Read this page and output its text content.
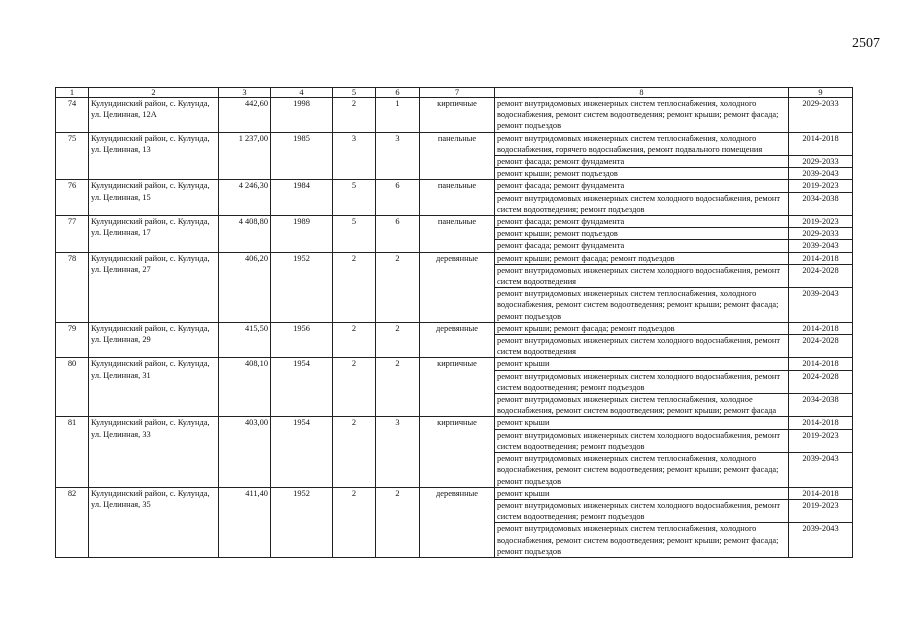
2507
1	2	3	4	5	6	7	8	9
74	Кулундинский район, с. Кулунда, ул. Целинная, 12А	442,60	1998	2	1	кирпичные	ремонт внутридомовых инженерных систем теплоснабжения, холодного водоснабжения, ремонт систем водоотведения; ремонт крыши; ремонт фасада; ремонт подъездов	2029-2033
75	Кулундинский район, с. Кулунда, ул. Целинная, 13	1 237,00	1985	3	3	панельные	ремонт внутридомовых инженерных систем теплоснабжения, холодного водоснабжения, горячего водоснабжения, ремонт подвального помещения	2014-2018
							ремонт фасада; ремонт фундамента	2029-2033
							ремонт крыши; ремонт подъездов	2039-2043
76	Кулундинский район, с. Кулунда, ул. Целинная, 15	4 246,30	1984	5	6	панельные	ремонт фасада; ремонт фундамента	2019-2023
							ремонт внутридомовых инженерных систем холодного водоснабжения, ремонт систем водоотведения; ремонт подъездов	2034-2038
77	Кулундинский район, с. Кулунда, ул. Целинная, 17	4 408,80	1989	5	6	панельные	ремонт фасада; ремонт фундамента	2019-2023
							ремонт крыши; ремонт подъездов	2029-2033
							ремонт фасада; ремонт фундамента	2039-2043
78	Кулундинский район, с. Кулунда, ул. Целинная, 27	406,20	1952	2	2	деревянные	ремонт крыши; ремонт фасада; ремонт подъездов	2014-2018
							ремонт внутридомовых инженерных систем холодного водоснабжения, ремонт систем водоотведения	2024-2028
							ремонт внутридомовых инженерных систем теплоснабжения, холодного водоснабжения, ремонт систем водоотведения; ремонт крыши; ремонт фасада; ремонт подъездов	2039-2043
79	Кулундинский район, с. Кулунда, ул. Целинная, 29	415,50	1956	2	2	деревянные	ремонт крыши; ремонт фасада; ремонт подъездов	2014-2018
							ремонт внутридомовых инженерных систем холодного водоснабжения, ремонт систем водоотведения	2024-2028
80	Кулундинский район, с. Кулунда, ул. Целинная, 31	408,10	1954	2	2	кирпичные	ремонт крыши	2014-2018
							ремонт внутридомовых инженерных систем холодного водоснабжения, ремонт систем водоотведения; ремонт подъездов	2024-2028
							ремонт внутридомовых инженерных систем теплоснабжения, холодное водоснабжения, ремонт систем водоотведения; ремонт крыши; ремонт фасада	2034-2038
81	Кулундинский район, с. Кулунда, ул. Целинная, 33	403,00	1954	2	3	кирпичные	ремонт крыши	2014-2018
							ремонт внутридомовых инженерных систем холодного водоснабжения, ремонт систем водоотведения; ремонт подъездов	2019-2023
							ремонт внутридомовых инженерных систем теплоснабжения, холодного водоснабжения, ремонт систем водоотведения; ремонт крыши; ремонт фасада; ремонт подъездов	2039-2043
82	Кулундинский район, с. Кулунда, ул. Целинная, 35	411,40	1952	2	2	деревянные	ремонт крыши	2014-2018
							ремонт внутридомовых инженерных систем холодного водоснабжения, ремонт систем водоотведения; ремонт подъездов	2019-2023
							ремонт внутридомовых инженерных систем теплоснабжения, холодного водоснабжения, ремонт систем водоотведения; ремонт крыши; ремонт фасада; ремонт подъездов	2039-2043
